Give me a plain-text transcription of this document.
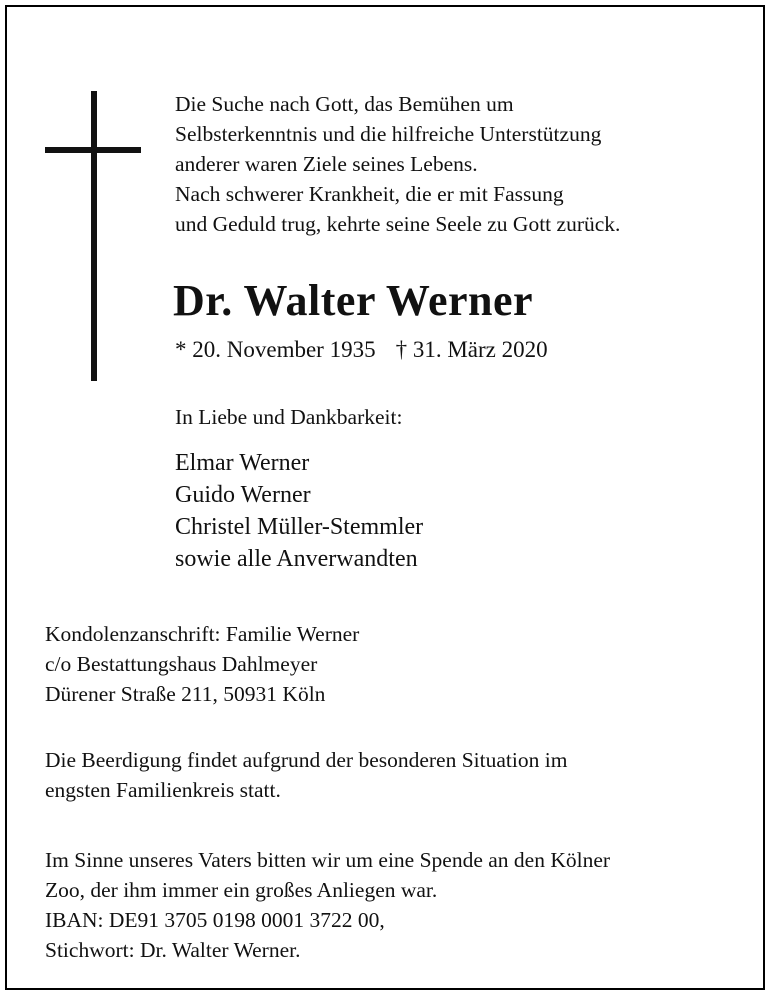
Die Suche nach Gott, das Bemühen um
Selbsterkenntnis und die hilfreiche Unterstützung
anderer waren Ziele seines Lebens.
Nach schwerer Krankheit, die er mit Fassung
und Geduld trug, kehrte seine Seele zu Gott zurück.
Dr. Walter Werner
* 20. November 1935 † 31. März 2020
In Liebe und Dankbarkeit:
Elmar Werner
Guido Werner
Christel Müller-Stemmler
sowie alle Anverwandten
Kondolenzanschrift: Familie Werner
c/o Bestattungshaus Dahlmeyer
Dürener Straße 211, 50931 Köln
Die Beerdigung findet aufgrund der besonderen Situation im
engsten Familienkreis statt.
Im Sinne unseres Vaters bitten wir um eine Spende an den Kölner
Zoo, der ihm immer ein großes Anliegen war.
IBAN: DE91 3705 0198 0001 3722 00,
Stichwort: Dr. Walter Werner.
